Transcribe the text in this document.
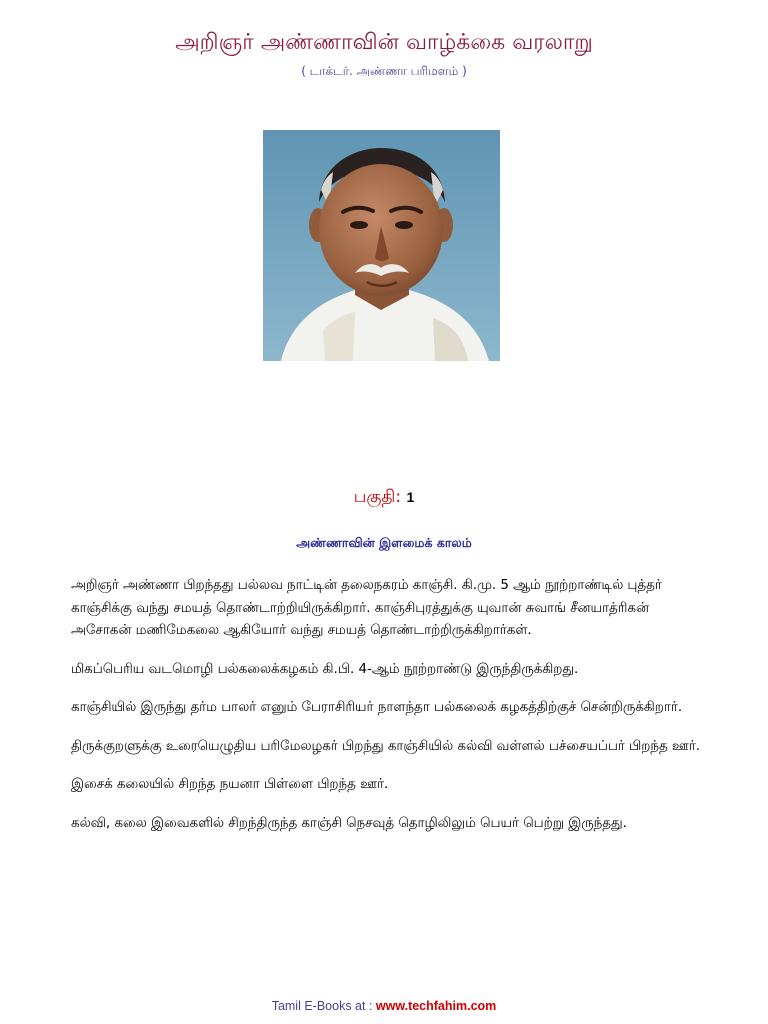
அறிஞர் அண்ணாவின் வாழ்க்கை வரலாறு
( டாக்டர். அண்ணா பரிமளம் )
பகுதி: 1
அண்ணாவின் இளமைக் காலம்

அறிஞர் அண்ணா பிறந்தது பல்லவ நாட்டின் தலைநகரம் காஞ்சி. கி.மு. 5 ஆம் நூற்றாண்டில் புத்தர் காஞ்சிக்கு வந்து சமயத் தொண்டாற்றியிருக்கிறார். காஞ்சிபுரத்துக்கு யுவான் சுவாங் சீனயாத்ரிகன் அசோகன் மணிமேகலை ஆகியோர் வந்து சமயத் தொண்டாற்றிருக்கிறார்கள்.

மிகப்பெரிய வடமொழி பல்கலைக்கழகம் கி.பி. 4-ஆம் நூற்றாண்டு இருந்திருக்கிறது.

காஞ்சியில் இருந்து தர்ம பாலர் எனும் பேராசிரியர் நாளந்தா பல்கலைக் கழகத்திற்குச் சென்றிருக்கிறார்.

திருக்குறளுக்கு உரையெழுதிய பரிமேலழகர் பிறந்து காஞ்சியில் கல்வி வள்ளல் பச்சையப்பர் பிறந்த ஊர்.

இசைக் கலையில் சிறந்த நயனா பிள்ளை பிறந்த ஊர்.

கல்வி, கலை இவைகளில் சிறந்திருந்த காஞ்சி நெசவுத் தொழிலிலும் பெயர் பெற்று இருந்தது.

Tamil E-Books at : www.techfahim.com
